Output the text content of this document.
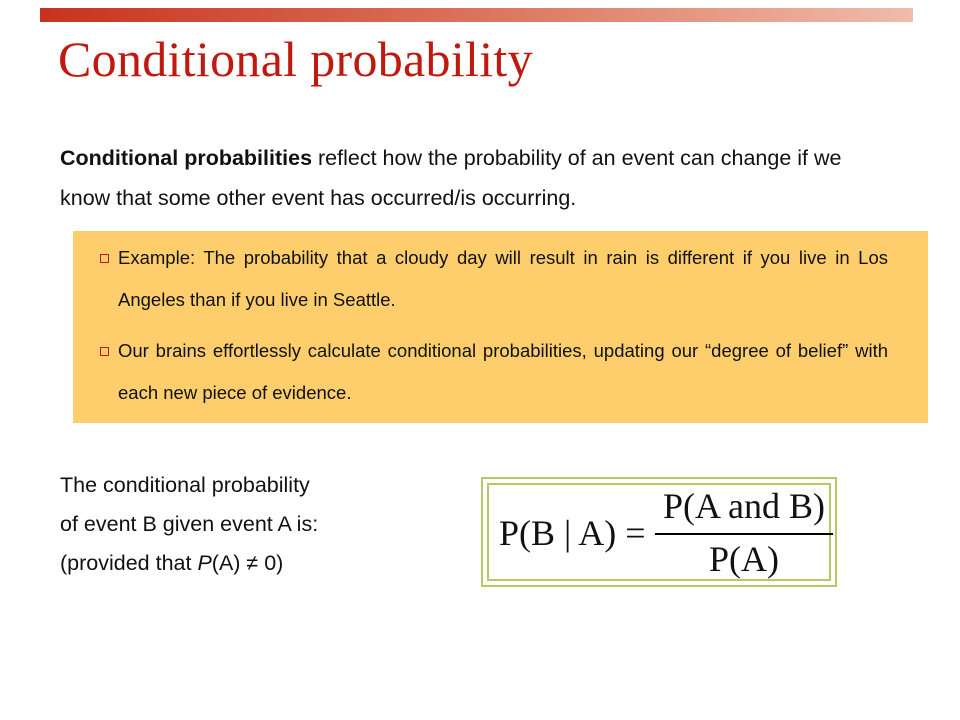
Conditional probability

Conditional probabilities reflect how the probability of an event can change if we know that some other event has occurred/is occurring.

Example: The probability that a cloudy day will result in rain is different if you live in Los Angeles than if you live in Seattle.
Our brains effortlessly calculate conditional probabilities, updating our “degree of belief” with each new piece of evidence.
The conditional probability
of event B given event A is:
(provided that P(A) ≠ 0)
P(B | A) =
P(A and B)
P(A)
